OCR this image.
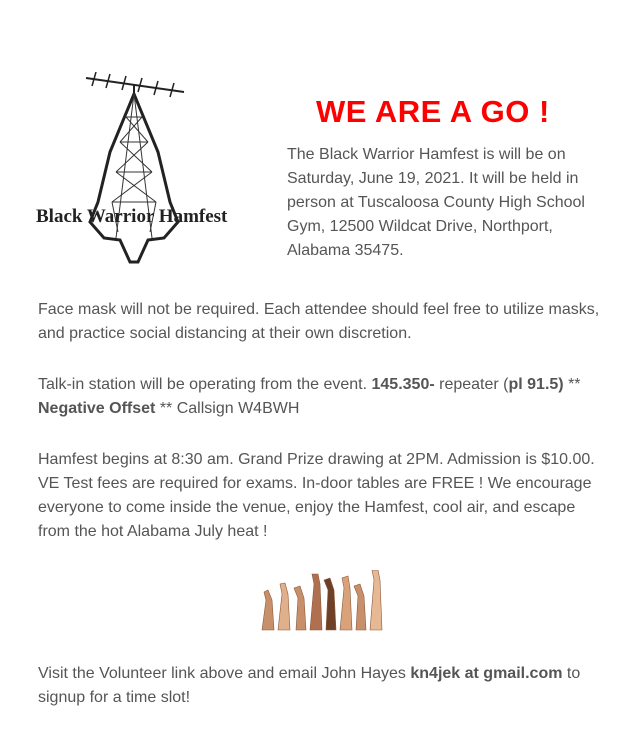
Black Warrior Hamfest
WE ARE A GO !
The Black Warrior Hamfest is will be on Saturday, June 19, 2021. It will be held in person at Tuscaloosa County High School Gym, 12500 Wildcat Drive, Northport, Alabama 35475.

Face mask will not be required. Each attendee should feel free to utilize masks, and practice social distancing at their own discretion.

Talk-in station will be operating from the event. 145.350- repeater (pl 91.5) ** Negative Offset ** Callsign W4BWH

Hamfest begins at 8:30 am. Grand Prize drawing at 2PM. Admission is $10.00. VE Test fees are required for exams. In-door tables are FREE ! We encourage everyone to come inside the venue, enjoy the Hamfest, cool air, and escape from the hot Alabama July heat !

Visit the Volunteer link above and email John Hayes kn4jek at gmail.com to signup for a time slot!
